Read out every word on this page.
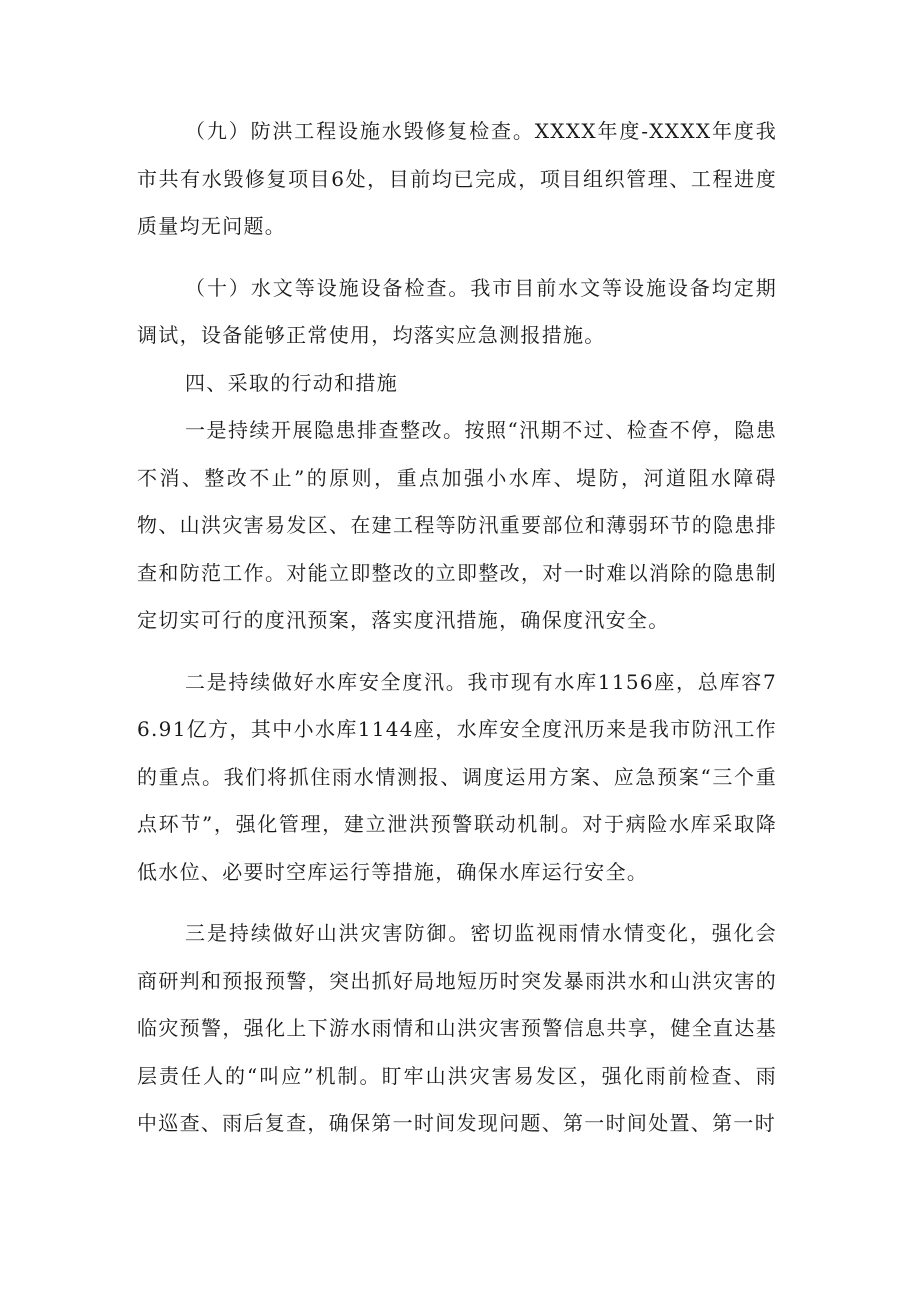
（九）防洪工程设施水毁修复检查。XXXX年度-XXXX年度我市共有水毁修复项目6处，目前均已完成，项目组织管理、工程进度质量均无问题。

（十）水文等设施设备检查。我市目前水文等设施设备均定期调试，设备能够正常使用，均落实应急测报措施。

四、采取的行动和措施

一是持续开展隐患排查整改。按照“汛期不过、检查不停，隐患不消、整改不止”的原则，重点加强小水库、堤防，河道阻水障碍物、山洪灾害易发区、在建工程等防汛重要部位和薄弱环节的隐患排查和防范工作。对能立即整改的立即整改，对一时难以消除的隐患制定切实可行的度汛预案，落实度汛措施，确保度汛安全。

二是持续做好水库安全度汛。我市现有水库1156座，总库容76.91亿方，其中小水库1144座，水库安全度汛历来是我市防汛工作的重点。我们将抓住雨水情测报、调度运用方案、应急预案“三个重点环节”，强化管理，建立泄洪预警联动机制。对于病险水库采取降低水位、必要时空库运行等措施，确保水库运行安全。

三是持续做好山洪灾害防御。密切监视雨情水情变化，强化会商研判和预报预警，突出抓好局地短历时突发暴雨洪水和山洪灾害的临灾预警，强化上下游水雨情和山洪灾害预警信息共享，健全直达基层责任人的“叫应”机制。盯牢山洪灾害易发区，强化雨前检查、雨中巡查、雨后复查，确保第一时间发现问题、第一时间处置、第一时
